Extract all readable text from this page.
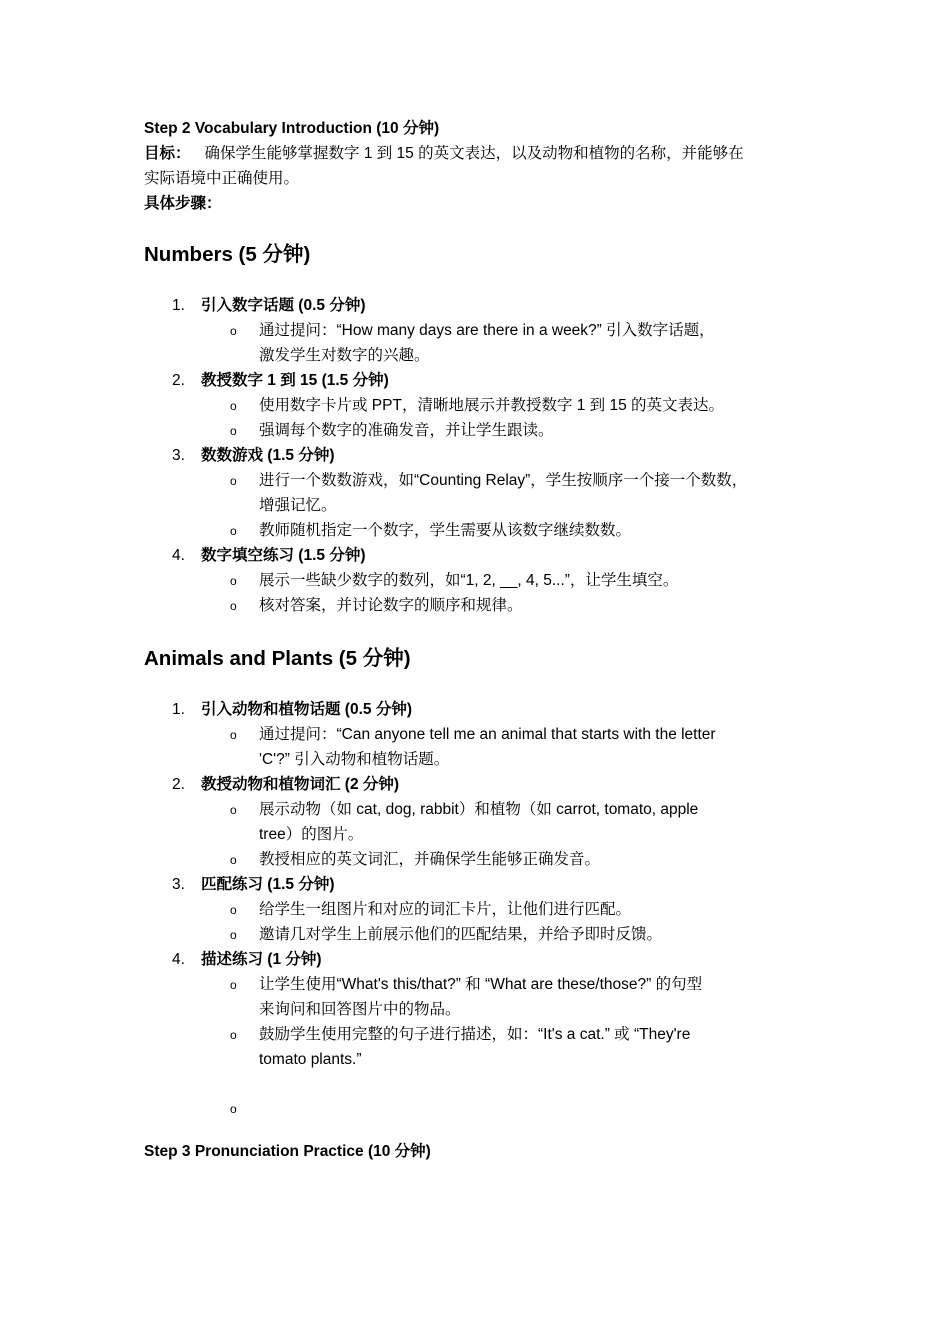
Step 2 Vocabulary Introduction (10 分钟)

目标： 确保学生能够掌握数字 1 到 15 的英文表达，以及动物和植物的名称，并能够在

实际语境中正确使用。

具体步骤：

Numbers (5 分钟)

1. 引入数字话题 (0.5 分钟)
o 通过提问：“How many days are there in a week?” 引入数字话题，
激发学生对数字的兴趣。
2. 教授数字 1 到 15 (1.5 分钟)
o 使用数字卡片或 PPT，清晰地展示并教授数字 1 到 15 的英文表达。
o 强调每个数字的准确发音，并让学生跟读。
3. 数数游戏 (1.5 分钟)
o 进行一个数数游戏，如“Counting Relay”，学生按顺序一个接一个数数，
增强记忆。
o 教师随机指定一个数字，学生需要从该数字继续数数。
4. 数字填空练习 (1.5 分钟)
o 展示一些缺少数字的数列，如“1, 2, __, 4, 5...”，让学生填空。
o 核对答案，并讨论数字的顺序和规律。

Animals and Plants (5 分钟)

1. 引入动物和植物话题 (0.5 分钟)
o 通过提问：“Can anyone tell me an animal that starts with the letter
'C'?” 引入动物和植物话题。
2. 教授动物和植物词汇 (2 分钟)
o 展示动物（如 cat, dog, rabbit）和植物（如 carrot, tomato, apple
tree）的图片。
o 教授相应的英文词汇，并确保学生能够正确发音。
3. 匹配练习 (1.5 分钟)
o 给学生一组图片和对应的词汇卡片，让他们进行匹配。
o 邀请几对学生上前展示他们的匹配结果，并给予即时反馈。
4. 描述练习 (1 分钟)
o 让学生使用“What's this/that?” 和 “What are these/those?” 的句型
来询问和回答图片中的物品。
o 鼓励学生使用完整的句子进行描述，如：“It's a cat.” 或 “They're
tomato plants.”
o

Step 3 Pronunciation Practice (10 分钟)
